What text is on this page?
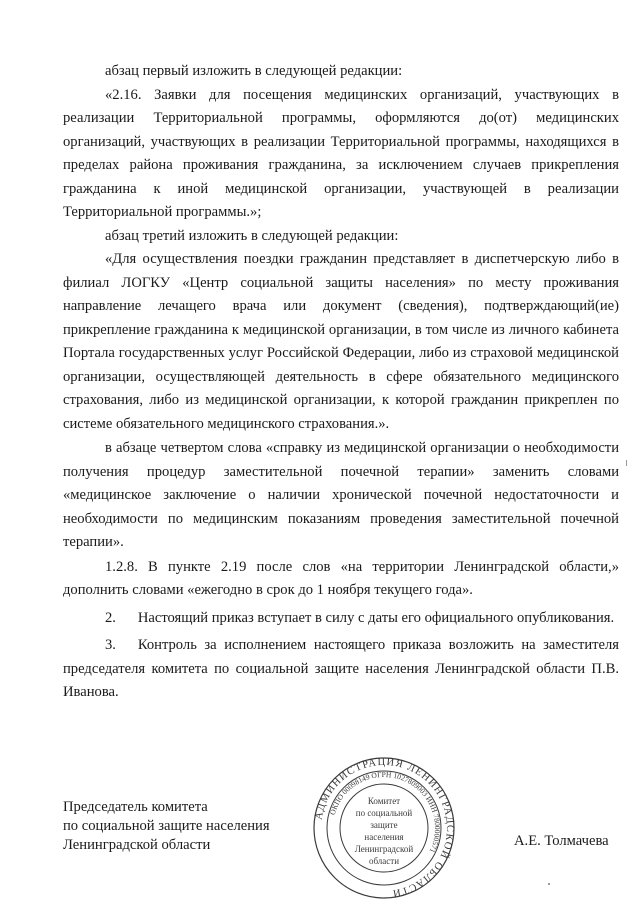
абзац первый изложить в следующей редакции:

«2.16. Заявки для посещения медицинских организаций, участвующих в реализации Территориальной программы, оформляются до(от) медицинских организаций, участвующих в реализации Территориальной программы, находящихся в пределах района проживания гражданина, за исключением случаев прикрепления гражданина к иной медицинской организации, участвующей в реализации Территориальной программы.»;

абзац третий изложить в следующей редакции:

«Для осуществления поездки гражданин представляет в диспетчерскую либо в филиал ЛОГКУ «Центр социальной защиты населения» по месту проживания направление лечащего врача или документ (сведения), подтверждающий(ие) прикрепление гражданина к медицинской организации, в том числе из личного кабинета Портала государственных услуг Российской Федерации, либо из страховой медицинской организации, осуществляющей деятельность в сфере обязательного медицинского страхования, либо из медицинской организации, к которой гражданин прикреплен по системе обязательного медицинского страхования.».

в абзаце четвертом слова «справку из медицинской организации о необходимости получения процедур заместительной почечной терапии» заменить словами «медицинское заключение о наличии хронической почечной недостаточности и необходимости по медицинским показаниям проведения заместительной почечной терапии».

1.2.8. В пункте 2.19 после слов «на территории Ленинградской области,» дополнить словами «ежегодно в срок до 1 ноября текущего года».

2.  Настоящий приказ вступает в силу с даты его официального опубликования.

3.  Контроль за исполнением настоящего приказа возложить на заместителя председателя комитета по социальной защите населения Ленинградской области П.В. Иванова.

Председатель комитета
по социальной защите населения
Ленинградской области
АДМИНИСТРАЦИЯ ЛЕНИНГРАДСКОЙ ОБЛАСТИ
ОКПО 00098149 ОГРН 1027809003 ИНН 7800000571
Комитет
по социальной
защите
населения
Ленинградской
области
А.Е. Толмачева
